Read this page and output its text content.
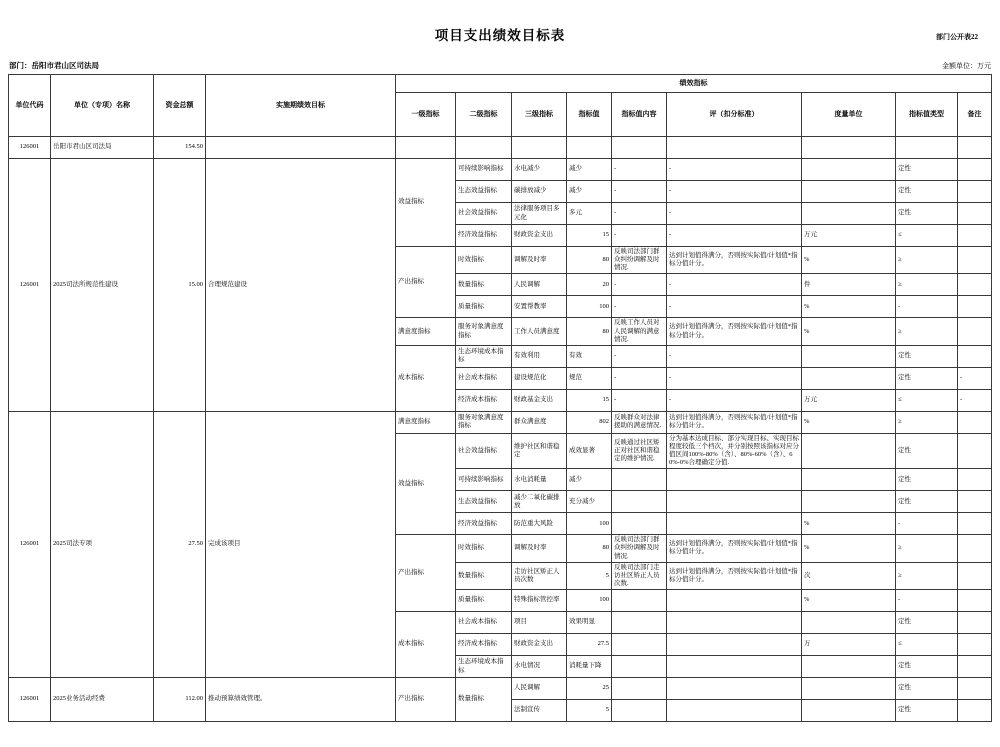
部门公开表22
项目支出绩效目标表
部门：岳阳市君山区司法局	金额单位：万元
单位代码	单位（专项）名称	资金总额	实施期绩效目标	绩效指标								
				一级指标	二级指标	三级指标	指标值	指标值内容	评（扣分标准）	度量单位	指标值类型	备注
126001	岳阳市君山区司法局	154.50										
126001	2025司法所规范性建设	15.00	合理规范建设	效益指标	可持续影响指标	水电减少	减少	-	-		定性	
					生态效益指标	碳排放减少	减少	-	-		定性	
					社会效益指标	法律服务项目多元化	多元	-	-		定性	
					经济效益指标	财政资金支出	15	-	-	万元	≤	
				产出指标	时效指标	调解及时率	80	反映司法部门群众纠纷调解及时情况.	达到计划值得满分，否则按实际值/计划值*指标分值计分。	%	≥	
					数量指标	人民调解	20	-	-	件	≥	
					质量指标	安置帮教率	100	-	-	%	-	
				满意度指标	服务对象满意度指标	工作人员满意度	80	反映工作人员对人民调解的满意情况.	达到计划值得满分，否则按实际值/计划值*指标分值计分。	%	≥	
				成本指标	生态环境成本指标	有效利用	有效	-	-		定性	
					社会成本指标	建设规范化	规范	-	-		定性	-
					经济成本指标	财政基金支出	15	-	-	万元	≤	-
126001	2025司法专项	27.50	完成该项目	满意度指标	服务对象满意度指标	群众满意度	802	反映群众对法律援助的满意情况.	达到计划值得满分，否则按实际值/计划值*指标分值计分。	%	≥	
				效益指标	社会效益指标	维护社区和谐稳定	成效显著	反映通过社区矫正对社区和谐稳定的维护情况.	分为基本达成目标、部分实现目标、实现目标程度较低三个档次，并分别按照该指标对应分值区间100%-80%（含）、80%-60%（含）、60%-0%合理确定分值.		定性	
					可持续影响指标	水电消耗量	减少				定性	
					生态效益指标	减少二氧化碳排放	充分减少				定性	
					经济效益指标	防范重大风险	100			%	-	
				产出指标	时效指标	调解及时率	80	反映司法部门群众纠纷调解及时情况.	达到计划值得满分，否则按实际值/计划值*指标分值计分。	%	≥	
					数量指标	走访社区矫正人员次数	5	反映司法部门走访社区矫正人员次数.	达到计划值得满分，否则按实际值/计划值*指标分值计分。	次	≥	
					质量指标	特殊指标管控率	100			%	-	
				成本指标	社会成本指标	项目	效果明显				定性	
					经济成本指标	财政资金支出	27.5			万	≤	
					生态环境成本指标	水电情况	消耗量下降				定性	
126001	2025业务活动经费	112.00	推动预算绩效管理。	产出指标	数量指标	人民调解	25				定性	
						法制宣传	5				定性	
